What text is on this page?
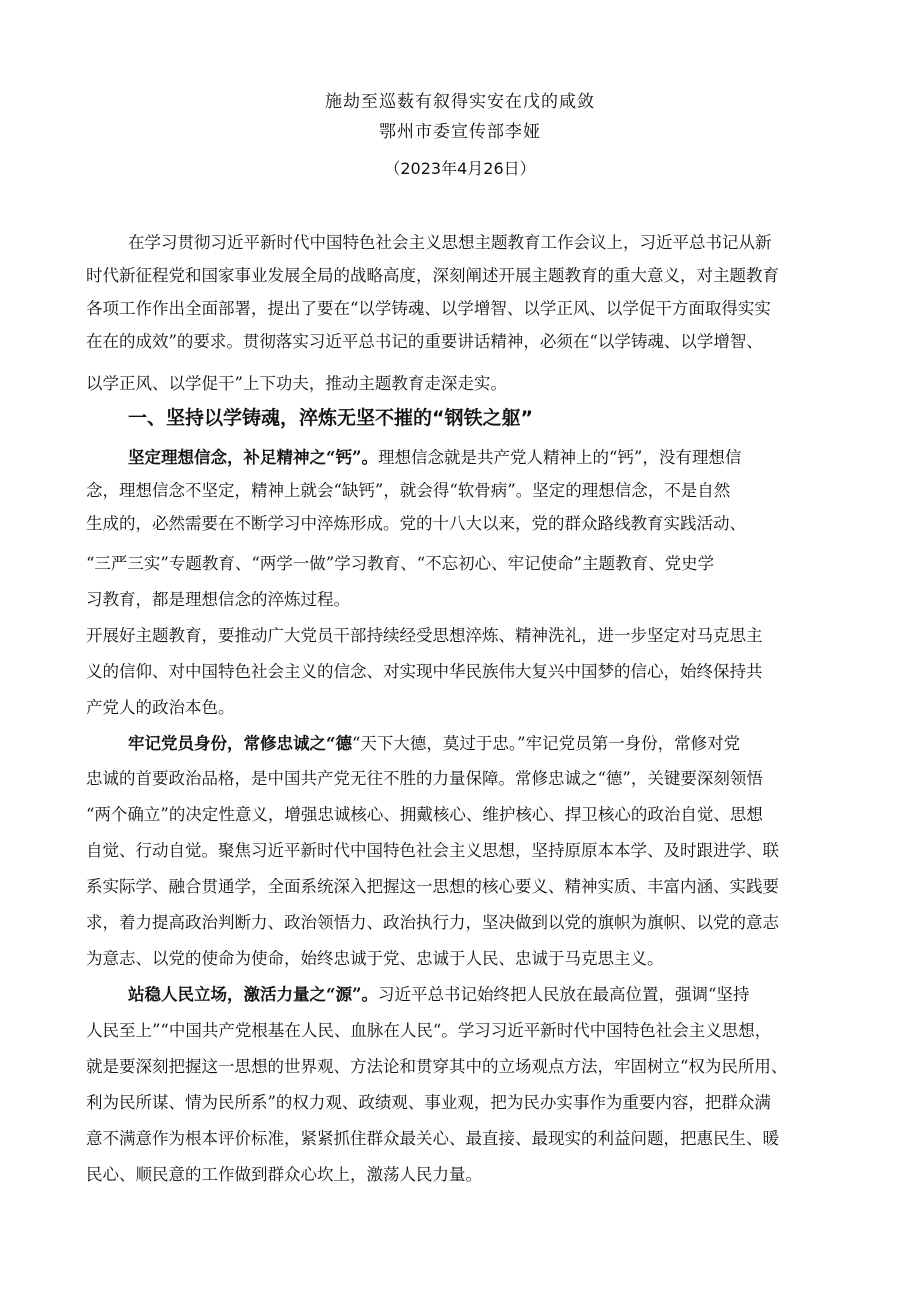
施劫至巡薮有叙得实安在戊的咸敛
鄂州市委宣传部李娅
（2023年4月26日）
在学习贯彻习近平新时代中国特色社会主义思想主题教育工作会议上，习近平总书记从新
时代新征程党和国家事业发展全局的战略高度，深刻阐述开展主题教育的重大意义，对主题教育
各项工作作出全面部署，提出了要在“以学铸魂、以学增智、以学正风、以学促干方面取得实实
在在的成效”的要求。贯彻落实习近平总书记的重要讲话精神，必须在“以学铸魂、以学增智、
以学正风、以学促干”上下功夫，推动主题教育走深走实。
一、坚持以学铸魂，淬炼无坚不摧的“钢铁之躯”
坚定理想信念，补足精神之“钙”。理想信念就是共产党人精神上的“钙”，没有理想信
念，理想信念不坚定，精神上就会“缺钙”，就会得“软骨病”。坚定的理想信念，不是自然
生成的，必然需要在不断学习中淬炼形成。党的十八大以来，党的群众路线教育实践活动、
“三严三实”专题教育、“两学一做”学习教育、“不忘初心、牢记使命”主题教育、党史学
习教育，都是理想信念的淬炼过程。
开展好主题教育，要推动广大党员干部持续经受思想淬炼、精神洗礼，进一步坚定对马克思主
义的信仰、对中国特色社会主义的信念、对实现中华民族伟大复兴中国梦的信心，始终保持共
产党人的政治本色。
牢记党员身份，常修忠诚之“德“天下大德，莫过于忠。”牢记党员第一身份，常修对党
忠诚的首要政治品格，是中国共产党无往不胜的力量保障。常修忠诚之“德”，关键要深刻领悟
“两个确立”的决定性意义，增强忠诚核心、拥戴核心、维护核心、捍卫核心的政治自觉、思想
自觉、行动自觉。聚焦习近平新时代中国特色社会主义思想，坚持原原本本学、及时跟进学、联
系实际学、融合贯通学，全面系统深入把握这一思想的核心要义、精神实质、丰富内涵、实践要
求，着力提高政治判断力、政治领悟力、政治执行力，坚决做到以党的旗帜为旗帜、以党的意志
为意志、以党的使命为使命，始终忠诚于党、忠诚于人民、忠诚于马克思主义。
站稳人民立场，激活力量之“源”。习近平总书记始终把人民放在最高位置，强调“坚持
人民至上”“中国共产党根基在人民、血脉在人民“。学习习近平新时代中国特色社会主义思想，
就是要深刻把握这一思想的世界观、方法论和贯穿其中的立场观点方法，牢固树立“权为民所用、
利为民所谋、情为民所系”的权力观、政绩观、事业观，把为民办实事作为重要内容，把群众满
意不满意作为根本评价标准，紧紧抓住群众最关心、最直接、最现实的利益问题，把惠民生、暖
民心、顺民意的工作做到群众心坎上，激荡人民力量。
